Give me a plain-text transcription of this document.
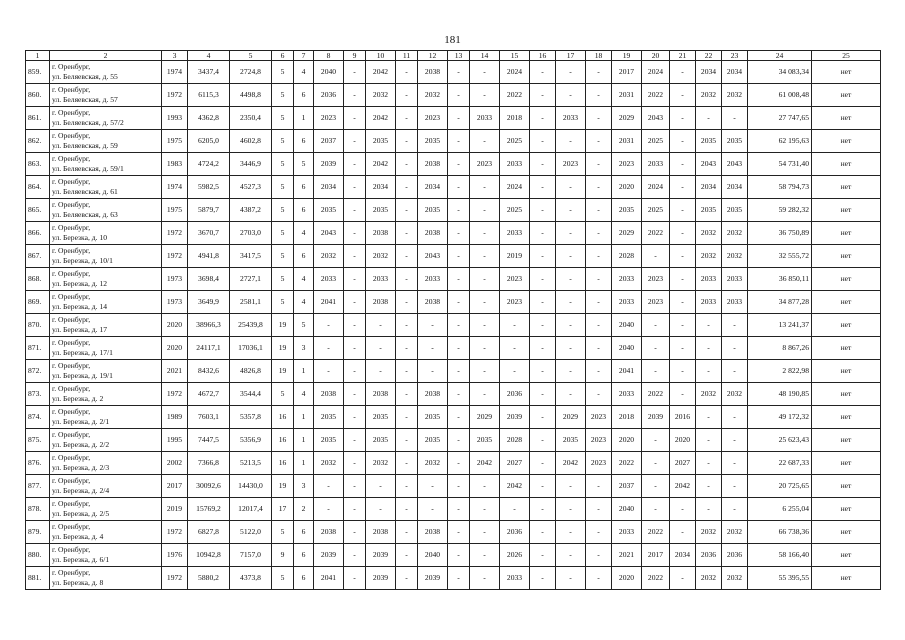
181
1	2	3	4	5	6	7	8	9	10	11	12	13	14	15	16	17	18	19	20	21	22	23	24	25
859.	г. Оренбург,
ул. Беляевская, д. 55	1974	3437,4	2724,8	5	4	2040	-	2042	-	2038	-	-	2024	-	-	-	2017	2024	-	2034	2034	34 083,34	нет
860.	г. Оренбург,
ул. Беляевская, д. 57	1972	6115,3	4498,8	5	6	2036	-	2032	-	2032	-	-	2022	-	-	-	2031	2022	-	2032	2032	61 008,48	нет
861.	г. Оренбург,
ул. Беляевская, д. 57/2	1993	4362,8	2350,4	5	1	2023	-	2042	-	2023	-	2033	2018	-	2033	-	2029	2043	-	-	-	27 747,65	нет
862.	г. Оренбург,
ул. Беляевская, д. 59	1975	6205,0	4602,8	5	6	2037	-	2035	-	2035	-	-	2025	-	-	-	2031	2025	-	2035	2035	62 195,63	нет
863.	г. Оренбург,
ул. Беляевская, д. 59/1	1983	4724,2	3446,9	5	5	2039	-	2042	-	2038	-	2023	2033	-	2023	-	2023	2033	-	2043	2043	54 731,40	нет
864.	г. Оренбург,
ул. Беляевская, д. 61	1974	5982,5	4527,3	5	6	2034	-	2034	-	2034	-	-	2024	-	-	-	2020	2024	-	2034	2034	58 794,73	нет
865.	г. Оренбург,
ул. Беляевская, д. 63	1975	5879,7	4387,2	5	6	2035	-	2035	-	2035	-	-	2025	-	-	-	2035	2025	-	2035	2035	59 282,32	нет
866.	г. Оренбург,
ул. Березка, д. 10	1972	3670,7	2703,0	5	4	2043	-	2038	-	2038	-	-	2033	-	-	-	2029	2022	-	2032	2032	36 750,89	нет
867.	г. Оренбург,
ул. Березка, д. 10/1	1972	4941,8	3417,5	5	6	2032	-	2032	-	2043	-	-	2019	-	-	-	2028	-	-	2032	2032	32 555,72	нет
868.	г. Оренбург,
ул. Березка, д. 12	1973	3698,4	2727,1	5	4	2033	-	2033	-	2033	-	-	2023	-	-	-	2033	2023	-	2033	2033	36 850,11	нет
869.	г. Оренбург,
ул. Березка, д. 14	1973	3649,9	2581,1	5	4	2041	-	2038	-	2038	-	-	2023	-	-	-	2033	2023	-	2033	2033	34 877,28	нет
870.	г. Оренбург,
ул. Березка, д. 17	2020	38966,3	25439,8	19	5	-	-	-	-	-	-	-	-	-	-	-	2040	-	-	-	-	13 241,37	нет
871.	г. Оренбург,
ул. Березка, д. 17/1	2020	24117,1	17036,1	19	3	-	-	-	-	-	-	-	-	-	-	-	2040	-	-	-	-	8 867,26	нет
872.	г. Оренбург,
ул. Березка, д. 19/1	2021	8432,6	4826,8	19	1	-	-	-	-	-	-	-	-	-	-	-	2041	-	-	-	-	2 822,98	нет
873.	г. Оренбург,
ул. Березка, д. 2	1972	4672,7	3544,4	5	4	2038	-	2038	-	2038	-	-	2036	-	-	-	2033	2022	-	2032	2032	48 190,85	нет
874.	г. Оренбург,
ул. Березка, д. 2/1	1989	7603,1	5357,8	16	1	2035	-	2035	-	2035	-	2029	2039	-	2029	2023	2018	2039	2016	-	-	49 172,32	нет
875.	г. Оренбург,
ул. Березка, д. 2/2	1995	7447,5	5356,9	16	1	2035	-	2035	-	2035	-	2035	2028	-	2035	2023	2020	-	2020	-	-	25 623,43	нет
876.	г. Оренбург,
ул. Березка, д. 2/3	2002	7366,8	5213,5	16	1	2032	-	2032	-	2032	-	2042	2027	-	2042	2023	2022	-	2027	-	-	22 687,33	нет
877.	г. Оренбург,
ул. Березка, д. 2/4	2017	30092,6	14430,0	19	3	-	-	-	-	-	-	-	2042	-	-	-	2037	-	2042	-	-	20 725,65	нет
878.	г. Оренбург,
ул. Березка, д. 2/5	2019	15769,2	12017,4	17	2	-	-	-	-	-	-	-	-	-	-	-	2040	-	-	-	-	6 255,04	нет
879.	г. Оренбург,
ул. Березка, д. 4	1972	6827,8	5122,0	5	6	2038	-	2038	-	2038	-	-	2036	-	-	-	2033	2022	-	2032	2032	66 738,36	нет
880.	г. Оренбург,
ул. Березка, д. 6/1	1976	10942,8	7157,0	9	6	2039	-	2039	-	2040	-	-	2026	-	-	-	2021	2017	2034	2036	2036	58 166,40	нет
881.	г. Оренбург,
ул. Березка, д. 8	1972	5880,2	4373,8	5	6	2041	-	2039	-	2039	-	-	2033	-	-	-	2020	2022	-	2032	2032	55 395,55	нет
